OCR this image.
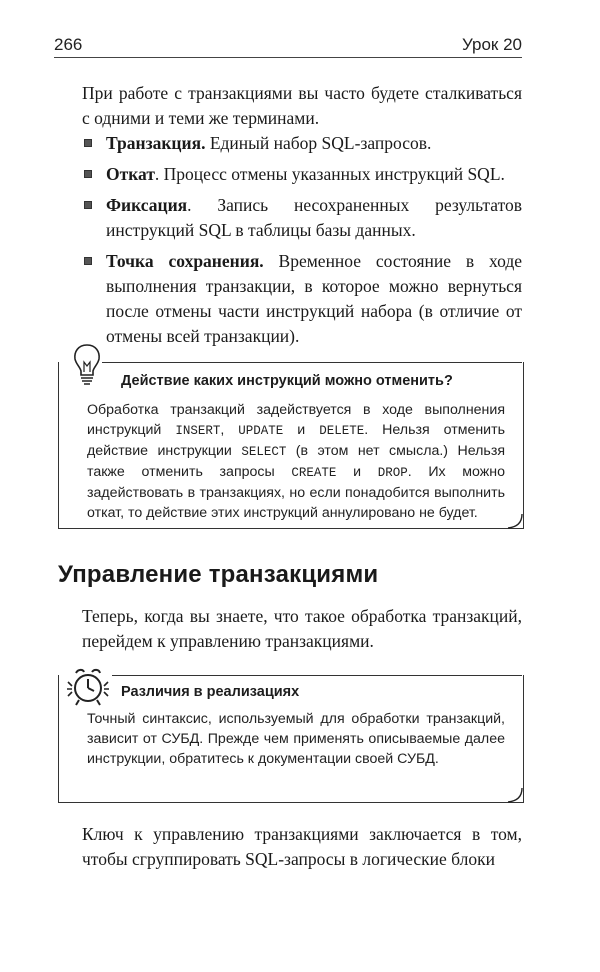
266	Урок 20
При работе с транзакциями вы часто будете сталкиваться с одними и теми же терминами.
Транзакция. Единый набор SQL-запросов.
Откат. Процесс отмены указанных инструкций SQL.
Фиксация. Запись несохраненных результатов инструкций SQL в таблицы базы данных.
Точка сохранения. Временное состояние в ходе выполнения транзакции, в которое можно вернуться после отмены части инструкций набора (в отличие от отмены всей транзакции).
Действие каких инструкций можно отменить?
Обработка транзакций задействуется в ходе выполнения инструкций INSERT, UPDATE и DELETE. Нельзя отменить действие инструкции SELECT (в этом нет смысла.) Нельзя также отменить запросы CREATE и DROP. Их можно задействовать в транзакциях, но если понадобится выполнить откат, то действие этих инструкций аннулировано не будет.
Управление транзакциями
Теперь, когда вы знаете, что такое обработка транзакций, перейдем к управлению транзакциями.
Различия в реализациях
Точный синтаксис, используемый для обработки транзакций, зависит от СУБД. Прежде чем применять описываемые далее инструкции, обратитесь к документации своей СУБД.
Ключ к управлению транзакциями заключается в том, чтобы сгруппировать SQL-запросы в логические блоки
